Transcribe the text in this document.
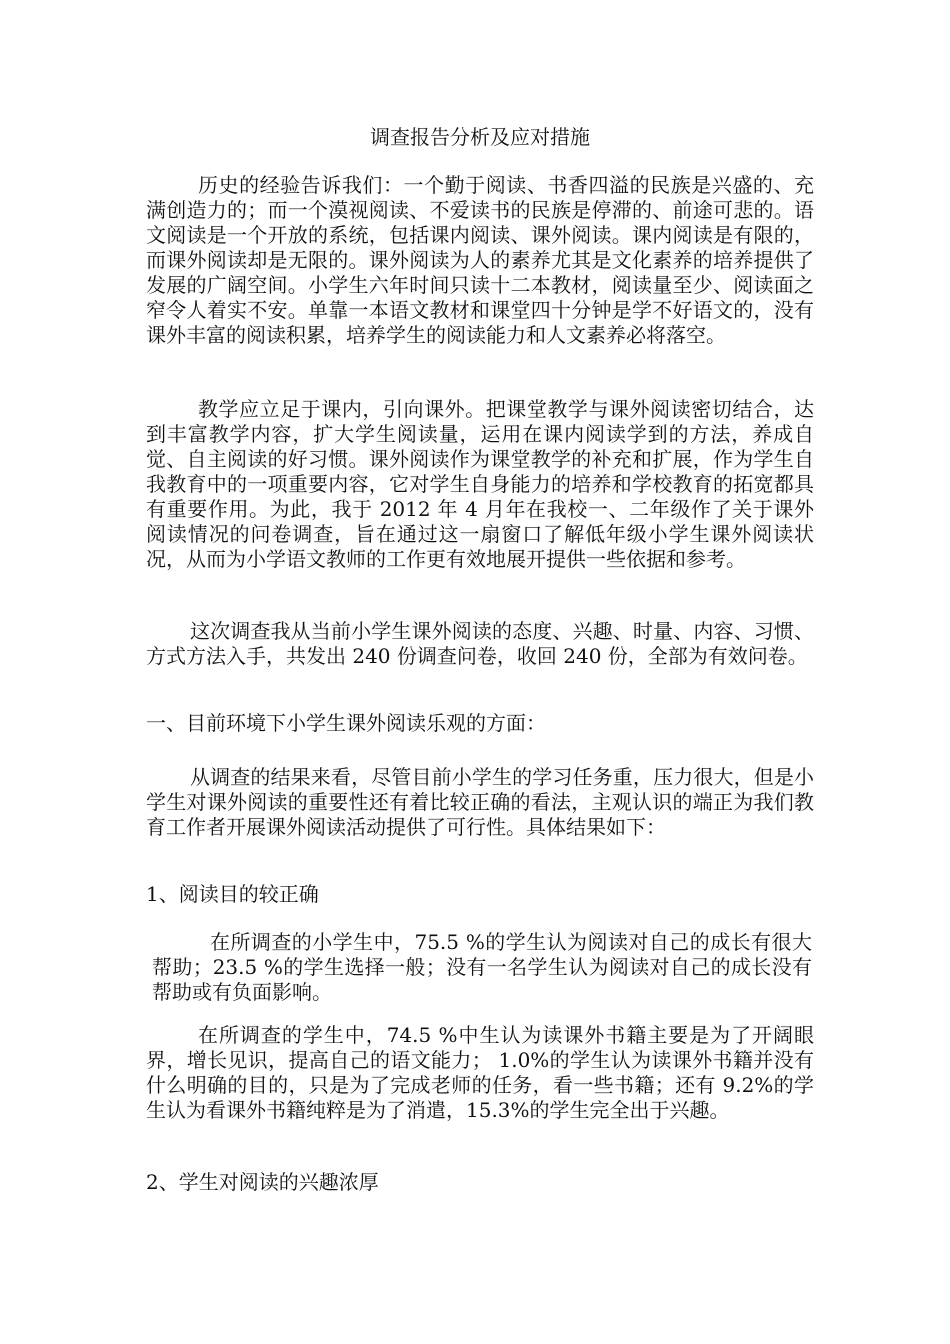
调查报告分析及应对措施

历史的经验告诉我们：一个勤于阅读、书香四溢的民族是兴盛的、充满创造力的；而一个漠视阅读、不爱读书的民族是停滞的、前途可悲的。语文阅读是一个开放的系统，包括课内阅读、课外阅读。课内阅读是有限的，而课外阅读却是无限的。课外阅读为人的素养尤其是文化素养的培养提供了发展的广阔空间。小学生六年时间只读十二本教材，阅读量至少、阅读面之窄令人着实不安。单靠一本语文教材和课堂四十分钟是学不好语文的，没有课外丰富的阅读积累，培养学生的阅读能力和人文素养必将落空。

教学应立足于课内，引向课外。把课堂教学与课外阅读密切结合，达到丰富教学内容，扩大学生阅读量，运用在课内阅读学到的方法，养成自觉、自主阅读的好习惯。课外阅读作为课堂教学的补充和扩展，作为学生自我教育中的一项重要内容，它对学生自身能力的培养和学校教育的拓宽都具有重要作用。为此，我于 2012 年 4 月年在我校一、二年级作了关于课外阅读情况的问卷调查，旨在通过这一扇窗口了解低年级小学生课外阅读状况，从而为小学语文教师的工作更有效地展开提供一些依据和参考。

这次调查我从当前小学生课外阅读的态度、兴趣、时量、内容、习惯、方式方法入手，共发出 240 份调查问卷，收回 240 份，全部为有效问卷。

一、目前环境下小学生课外阅读乐观的方面：

从调查的结果来看，尽管目前小学生的学习任务重，压力很大，但是小学生对课外阅读的重要性还有着比较正确的看法，主观认识的端正为我们教育工作者开展课外阅读活动提供了可行性。具体结果如下：

1、阅读目的较正确

在所调查的小学生中，75.5 %的学生认为阅读对自己的成长有很大帮助；23.5 %的学生选择一般；没有一名学生认为阅读对自己的成长没有帮助或有负面影响。

在所调查的学生中，74.5 %中生认为读课外书籍主要是为了开阔眼界，增长见识，提高自己的语文能力； 1.0%的学生认为读课外书籍并没有什么明确的目的，只是为了完成老师的任务，看一些书籍；还有 9.2%的学生认为看课外书籍纯粹是为了消遣，15.3%的学生完全出于兴趣。

2、学生对阅读的兴趣浓厚
